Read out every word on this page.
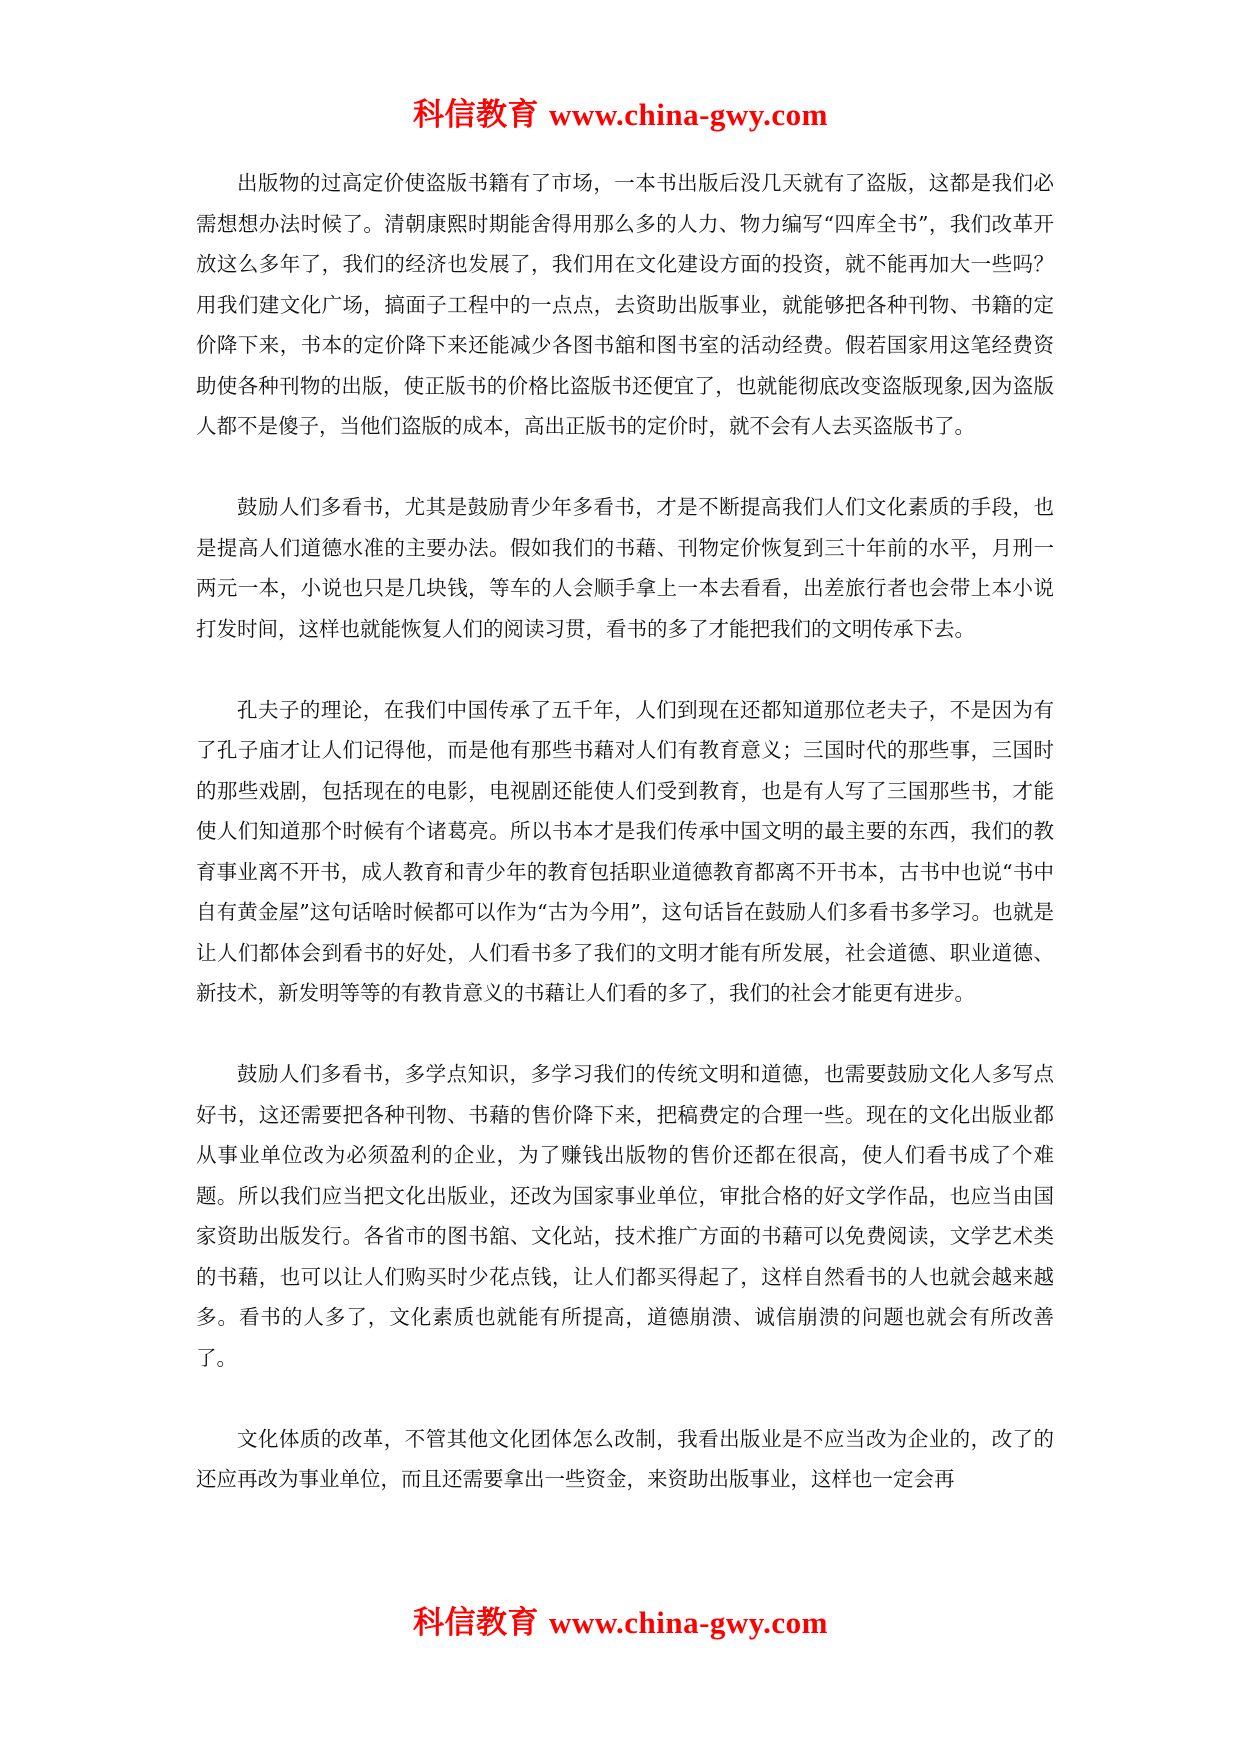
科信教育 www.china-gwy.com

出版物的过高定价使盗版书籍有了市场，一本书出版后没几天就有了盗版，这都是我们必需想想办法时候了。清朝康熙时期能舍得用那么多的人力、物力编写“四库全书”，我们改革开放这么多年了，我们的经济也发展了，我们用在文化建设方面的投资，就不能再加大一些吗？用我们建文化广场，搞面子工程中的一点点，去资助出版事业，就能够把各种刊物、书籍的定价降下来，书本的定价降下来还能减少各图书舘和图书室的活动经费。假若国家用这笔经费资助使各种刊物的出版，使正版书的价格比盗版书还便宜了，也就能彻底改变盗版现象,因为盗版人都不是傻子，当他们盗版的成本，高出正版书的定价时，就不会有人去买盗版书了。

鼓励人们多看书，尤其是鼓励青少年多看书，才是不断提高我们人们文化素质的手段，也是提高人们道德水准的主要办法。假如我们的书藉、刊物定价恢复到三十年前的水平，月刑一两元一本，小说也只是几块钱，等车的人会顺手拿上一本去看看，出差旅行者也会带上本小说打发时间，这样也就能恢复人们的阅读习贯，看书的多了才能把我们的文明传承下去。

孔夫子的理论，在我们中国传承了五千年，人们到现在还都知道那位老夫子，不是因为有了孔子庙才让人们记得他，而是他有那些书藉对人们有教育意义；三国时代的那些事，三国时的那些戏剧，包括现在的电影，电视剧还能使人们受到教育，也是有人写了三国那些书，才能使人们知道那个时候有个诸葛亮。所以书本才是我们传承中国文明的最主要的东西，我们的教育事业离不开书，成人教育和青少年的教育包括职业道德教育都离不开书本，古书中也说“书中自有黄金屋”这句话啥时候都可以作为“古为今用”，这句话旨在鼓励人们多看书多学习。也就是让人们都体会到看书的好处，人们看书多了我们的文明才能有所发展，社会道德、职业道德、新技术，新发明等等的有教肯意义的书藉让人们看的多了，我们的社会才能更有进步。

鼓励人们多看书，多学点知识，多学习我们的传统文明和道德，也需要鼓励文化人多写点好书，这还需要把各种刊物、书藉的售价降下来，把稿费定的合理一些。现在的文化出版业都从事业单位改为必须盈利的企业，为了赚钱出版物的售价还都在很高，使人们看书成了个难题。所以我们应当把文化出版业，还改为国家事业单位，审批合格的好文学作品，也应当由国家资助出版发行。各省市的图书舘、文化站，技术推广方面的书藉可以免费阅读，文学艺术类的书藉，也可以让人们购买时少花点钱，让人们都买得起了，这样自然看书的人也就会越来越多。看书的人多了，文化素质也就能有所提高，道德崩溃、诚信崩溃的问题也就会有所改善了。

文化体质的改革，不管其他文化团体怎么改制，我看出版业是不应当改为企业的，改了的还应再改为事业单位，而且还需要拿出一些资金，来资助出版事业，这样也一定会再

科信教育 www.china-gwy.com
